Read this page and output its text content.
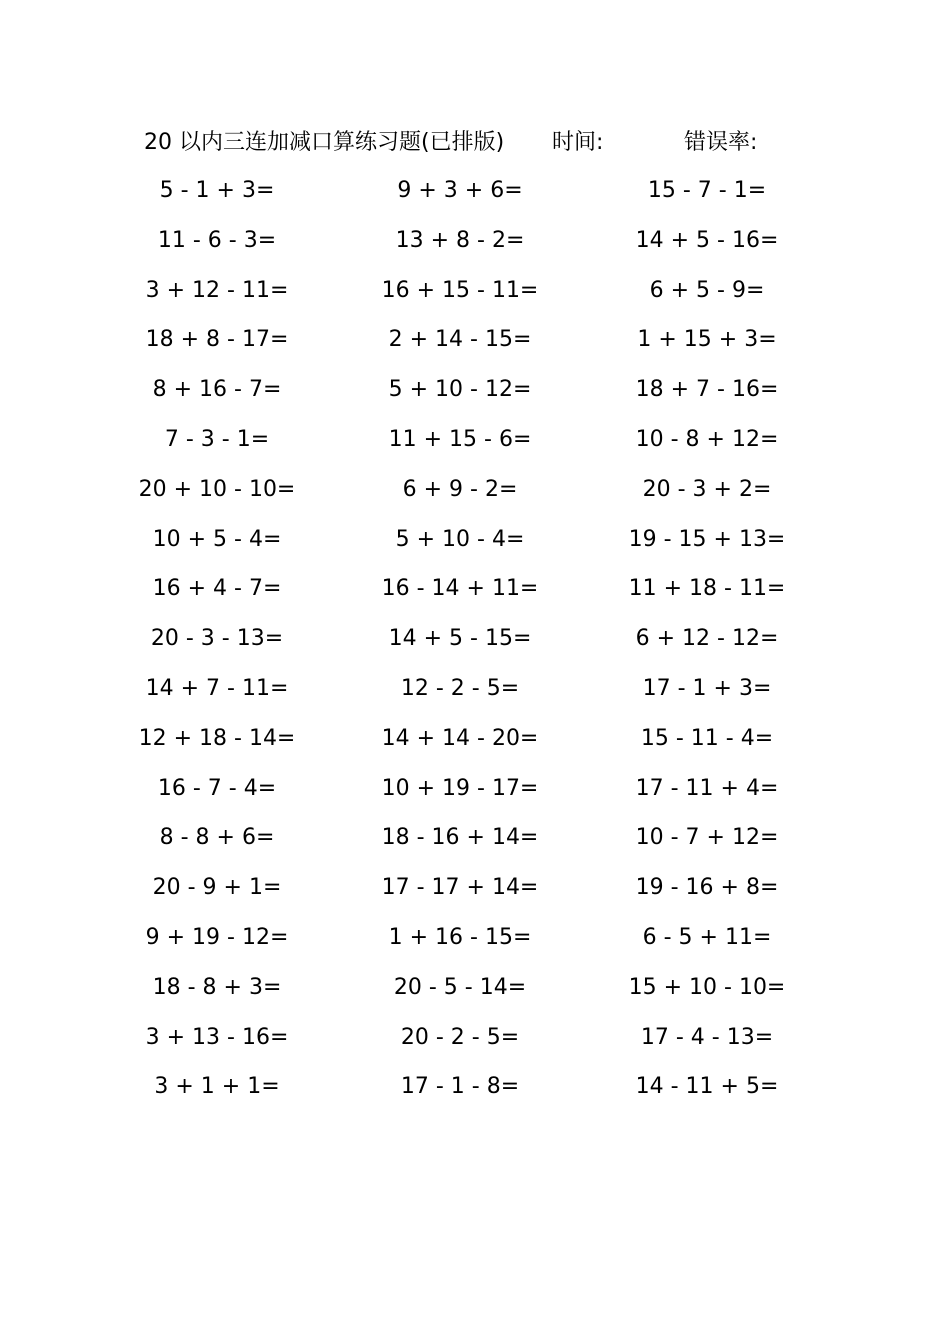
20 以内三连加减口算练习题(已排版) 时间:	错误率:
5 - 1 + 3=
11 - 6 - 3=
3 + 12 - 11=
18 + 8 - 17=
8 + 16 - 7=
7 - 3 - 1=
20 + 10 - 10=
10 + 5 - 4=
16 + 4 - 7=
20 - 3 - 13=
14 + 7 - 11=
12 + 18 - 14=
16 - 7 - 4=
8 - 8 + 6=
20 - 9 + 1=
9 + 19 - 12=
18 - 8 + 3=
3 + 13 - 16=
3 + 1 + 1=
9 + 3 + 6=
13 + 8 - 2=
16 + 15 - 11=
2 + 14 - 15=
5 + 10 - 12=
11 + 15 - 6=
6 + 9 - 2=
5 + 10 - 4=
16 - 14 + 11=
14 + 5 - 15=
12 - 2 - 5=
14 + 14 - 20=
10 + 19 - 17=
18 - 16 + 14=
17 - 17 + 14=
1 + 16 - 15=
20 - 5 - 14=
20 - 2 - 5=
17 - 1 - 8=
15 - 7 - 1=
14 + 5 - 16=
6 + 5 - 9=
1 + 15 + 3=
18 + 7 - 16=
10 - 8 + 12=
20 - 3 + 2=
19 - 15 + 13=
11 + 18 - 11=
6 + 12 - 12=
17 - 1 + 3=
15 - 11 - 4=
17 - 11 + 4=
10 - 7 + 12=
19 - 16 + 8=
6 - 5 + 11=
15 + 10 - 10=
17 - 4 - 13=
14 - 11 + 5=
